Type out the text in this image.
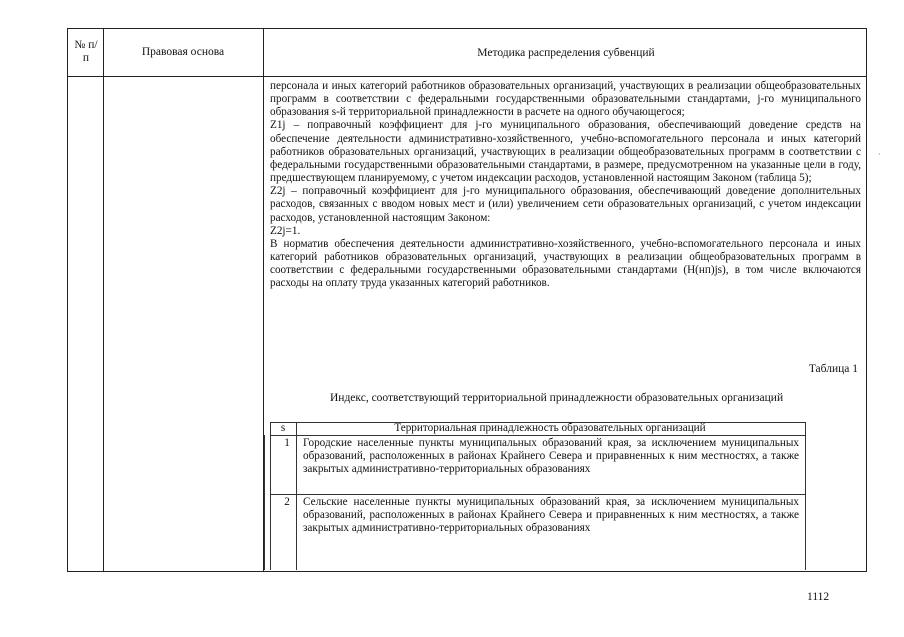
№ п/п	Правовая основа	Методика распределения субвенций

персонала и иных категорий работников образовательных организаций, участвующих в реализации общеобразовательных программ в соответствии с федеральными государственными образовательными стандартами, j-го муниципального образования s-й территориальной принадлежности в расчете на одного обучающегося;

Z1j – поправочный коэффициент для j-го муниципального образования, обеспечивающий доведение средств на обеспечение деятельности административно-хозяйственного, учебно-вспомогательного персонала и иных категорий работников образовательных организаций, участвующих в реализации общеобразовательных программ в соответствии с федеральными государственными образовательными стандартами, в размере, предусмотренном на указанные цели в году, предшествующем планируемому, с учетом индексации расходов, установленной настоящим Законом (таблица 5);

Z2j – поправочный коэффициент для j-го муниципального образования, обеспечивающий доведение дополнительных расходов, связанных с вводом новых мест и (или) увеличением сети образовательных организаций, с учетом индексации расходов, установленной настоящим Законом:

Z2j=1.

В норматив обеспечения деятельности административно-хозяйственного, учебно-вспомогательного персонала и иных категорий работников образовательных организаций, участвующих в реализации общеобразовательных программ в соответствии с федеральными государственными образовательными стандартами (Н(нп)js), в том числе включаются расходы на оплату труда указанных категорий работников.

Таблица 1
Индекс, соответствующий территориальной принадлежности образовательных организаций
s	Территориальная принадлежность образовательных организаций
1 Городские населенные пункты муниципальных образований края, за исключением муниципальных образований, расположенных в районах Крайнего Севера и приравненных к ним местностях, а также закрытых административно-территориальных образованиях
2 Сельские населенные пункты муниципальных образований края, за исключением муниципальных образований, расположенных в районах Крайнего Севера и приравненных к ним местностях, а также закрытых административно-территориальных образованиях
1112
·
